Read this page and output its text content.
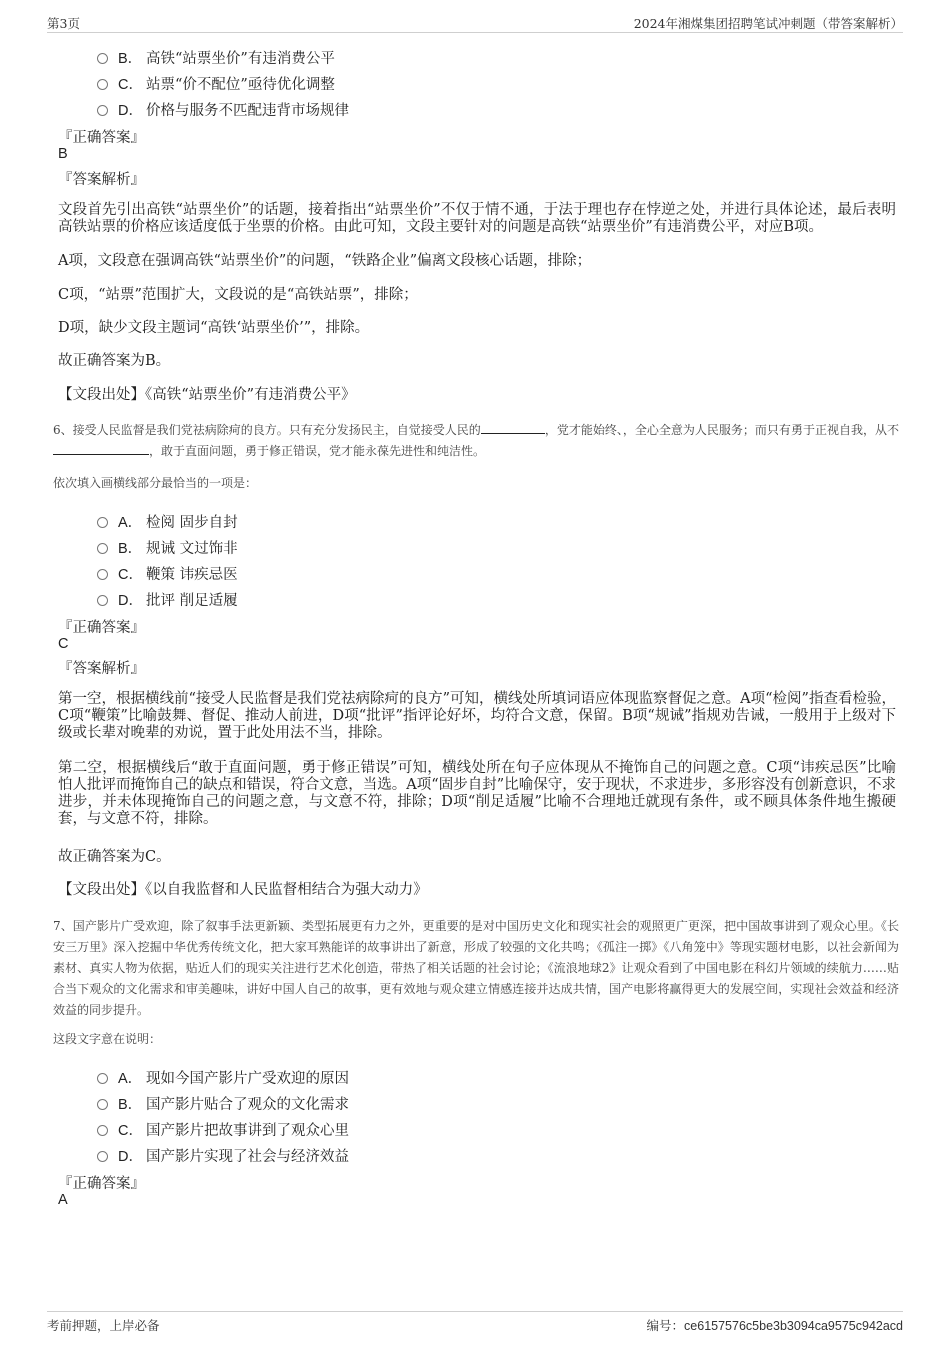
第3页	2024年湘煤集团招聘笔试冲刺题（带答案解析）
B． 高铁“站票坐价”有违消费公平
C． 站票“价不配位”亟待优化调整
D． 价格与服务不匹配违背市场规律
『正确答案』
B
『答案解析』
文段首先引出高铁“站票坐价”的话题，接着指出“站票坐价”不仅于情不通，于法于理也存在悖逆之处，并进行具体论述，最后表明高铁站票的价格应该适度低于坐票的价格。由此可知，文段主要针对的问题是高铁“站票坐价”有违消费公平，对应B项。
A项，文段意在强调高铁“站票坐价”的问题，“铁路企业”偏离文段核心话题，排除；
C项，“站票”范围扩大，文段说的是“高铁站票”，排除；
D项，缺少文段主题词“高铁‘站票坐价’”，排除。
故正确答案为B。
【文段出处】《高铁“站票坐价”有违消费公平》
6、接受人民监督是我们党祛病除疴的良方。只有充分发扬民主，自觉接受人民的	，党才能始终、，全心全意为人民服务；而只有勇于正视自我，从不，敢于直面问题，勇于修正错误，党才能永葆先进性和纯洁性。
依次填入画横线部分最恰当的一项是：
A． 检阅 固步自封
B． 规诫 文过饰非
C． 鞭策 讳疾忌医
D． 批评 削足适履
『正确答案』
C
『答案解析』
第一空，根据横线前“接受人民监督是我们党祛病除疴的良方”可知，横线处所填词语应体现监察督促之意。A项“检阅”指查看检验，C项“鞭策”比喻鼓舞、督促、推动人前进，D项“批评”指评论好坏，均符合文意，保留。B项“规诫”指规劝告诫，一般用于上级对下级或长辈对晚辈的劝说，置于此处用法不当，排除。
第二空，根据横线后“敢于直面问题，勇于修正错误”可知，横线处所在句子应体现从不掩饰自己的问题之意。C项“讳疾忌医”比喻怕人批评而掩饰自己的缺点和错误，符合文意，当选。A项“固步自封”比喻保守，安于现状，不求进步，多形容没有创新意识，不求进步，并未体现掩饰自己的问题之意，与文意不符，排除；D项“削足适履”比喻不合理地迁就现有条件，或不顾具体条件地生搬硬套，与文意不符，排除。
故正确答案为C。
【文段出处】《以自我监督和人民监督相结合为强大动力》
7、国产影片广受欢迎，除了叙事手法更新颖、类型拓展更有力之外，更重要的是对中国历史文化和现实社会的观照更广更深，把中国故事讲到了观众心里。《长安三万里》深入挖掘中华优秀传统文化，把大家耳熟能详的故事讲出了新意，形成了较强的文化共鸣；《孤注一掷》《八角笼中》等现实题材电影，以社会新闻为素材、真实人物为依据，贴近人们的现实关注进行艺术化创造，带热了相关话题的社会讨论；《流浪地球2》让观众看到了中国电影在科幻片领域的续航力……贴合当下观众的文化需求和审美趣味，讲好中国人自己的故事，更有效地与观众建立情感连接并达成共情，国产电影将赢得更大的发展空间，实现社会效益和经济效益的同步提升。
这段文字意在说明：
A． 现如今国产影片广受欢迎的原因
B． 国产影片贴合了观众的文化需求
C． 国产影片把故事讲到了观众心里
D． 国产影片实现了社会与经济效益
『正确答案』
A
考前押题，上岸必备	编号：ce6157576c5be3b3094ca9575c942acd
